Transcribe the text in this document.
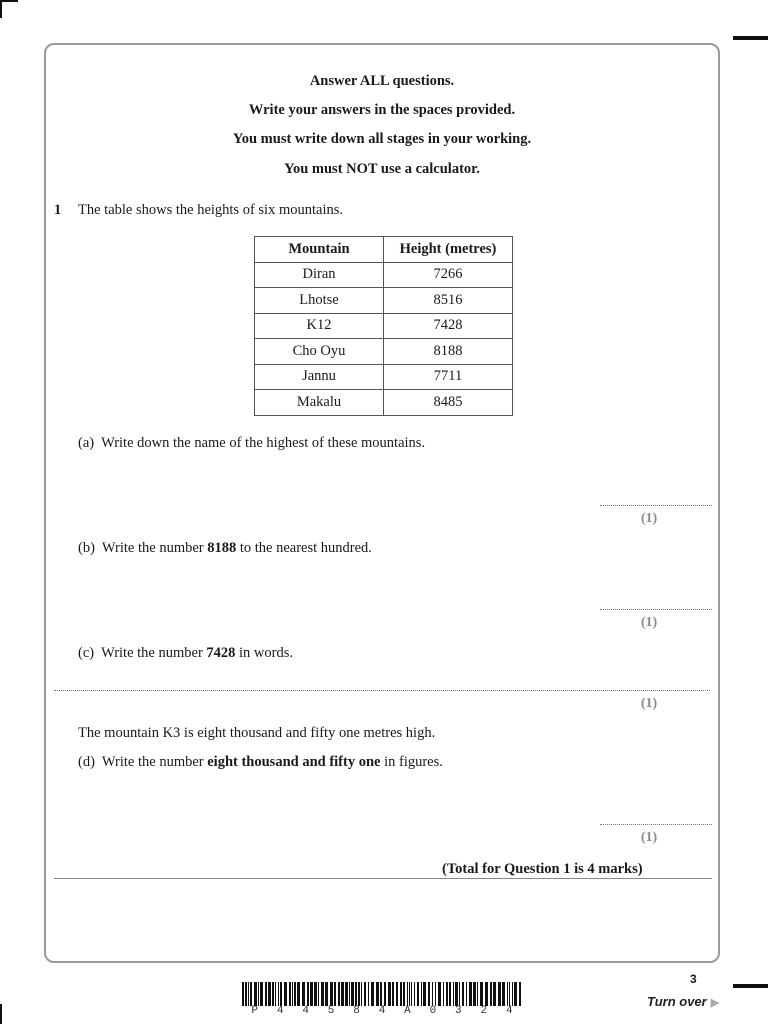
Answer ALL questions.
Write your answers in the spaces provided.
You must write down all stages in your working.
You must NOT use a calculator.
1 The table shows the heights of six mountains.
Mountain	Height (metres)
Diran	7266
Lhotse	8516
K12	7428
Cho Oyu	8188
Jannu	7711
Makalu	8485
(a) Write down the name of the highest of these mountains.
(1)
(b) Write the number 8188 to the nearest hundred.
(1)
(c) Write the number 7428 in words.
(1)
The mountain K3 is eight thousand and fifty one metres high.
(d) Write the number eight thousand and fifty one in figures.
(1)
(Total for Question 1 is 4 marks)
3
Turn over ▶
P 4 4 5 8 4 A 0 3 2 4
